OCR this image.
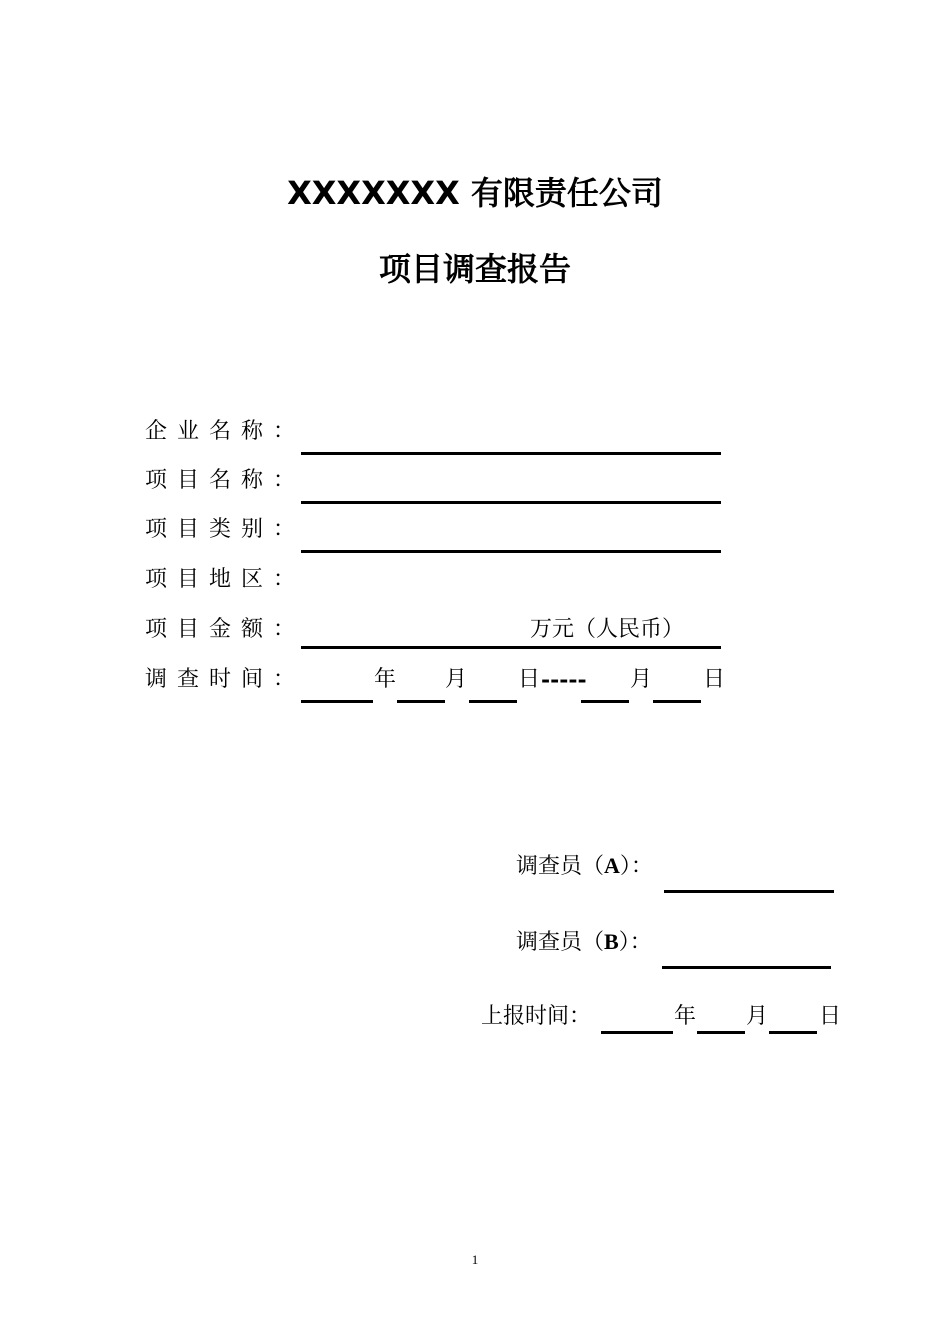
XXXXXXX 有限责任公司
项目调查报告
企业名称：
项目名称：
项目类别：
项目地区：
项目金额：	万元（人民币）
调查时间：	年 月 日 ----- 月 日
调查员（A）：
调查员（B）：
上报时间：	年 月 日
1
